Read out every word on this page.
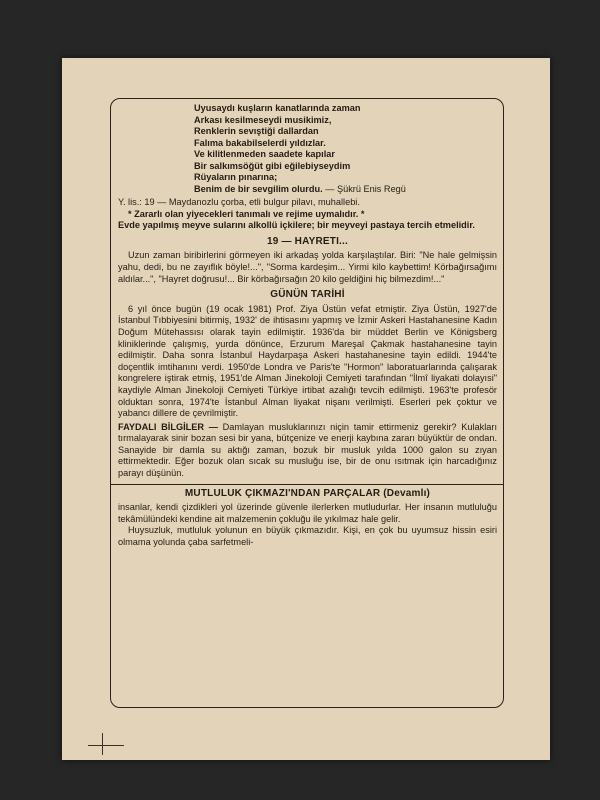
Uyusaydı kuşların kanatlarında zaman
Arkası kesilmeseydi musikimiz,
Renklerin sevıştiği dallardan
Falıma bakabilselerdi yıldızlar.
Ve kilitlenmeden saadete kapılar
Bir salkımsöğüt gibi eğilebiyseydim
Rüyaların pınarına;
Benim de bir sevgilim olurdu. — Şükrü Enis Regü

Y. lis.: 19 — Maydanozlu çorba, etli bulgur pilavı, muhallebi.

* Zararlı olan yiyecekleri tanımalı ve rejime uymalıdır. *

Evde yapılmış meyve sularını alkollü içkilere; bir meyveyi pastaya tercih etmelidir.

19 — HAYRETI...

Uzun zaman biribirlerini görmeyen iki arkadaş yolda karşılaştılar. Biri: "Ne hale gelmişsin yahu, dedi, bu ne zayıflık böyle!...", "Sorma kardeşim... Yirmi kilo kaybettim! Körbağırsağımı aldılar...", "Hayret doğrusu!... Bir körbağırsağın 20 kilo geldiğini hiç bilmezdim!..."

GÜNÜN TARİHİ

6 yıl önce bugün (19 ocak 1981) Prof. Ziya Üstün vefat etmiştir. Ziya Üstün, 1927'de İstanbul Tıbbiyesini bitirmiş, 1932' de ihtisasını yapmış ve İzmir Askeri Hastahanesine Kadın Doğum Mütehassısı olarak tayin edilmiştir. 1936'da bir müddet Berlin ve Königsberg kliniklerinde çalışmış, yurda dönünce, Erzurum Mareşal Çakmak hastahanesine tayin edilmiştir. Daha sonra İstanbul Haydarpaşa Askeri hastahanesine tayin edildi. 1944'te doçentlik imtihanını verdi. 1950'de Londra ve Paris'te "Hormon" laboratuarlarında çalışarak kongrelere iştirak etmiş, 1951'de Alman Jinekoloji Cemiyeti tarafından "İlmî liyakati dolayısi" kaydiyle Alman Jinekoloji Cemiyeti Türkiye irtibat azalığı tevcih edilmişti. 1963'te profesör olduktan sonra, 1974'te İstanbul Alman liyakat nişanı verilmişti. Eserleri pek çoktur ve yabancı dillere de çevrilmiştir.

FAYDALI BİLGİLER — Damlayan musluklarınızı niçin tamir ettirmeniz gerekir? Kulakları tırmalayarak sinir bozan sesi bir yana, bütçenize ve enerji kaybına zararı büyüktür de ondan. Sanayide bir damla su aktığı zaman, bozuk bir musluk yılda 1000 galon su zıyan ettirmektedir. Eğer bozuk olan sıcak su musluğu ise, bir de onu ısıtmak için harcadığınız parayı düşünün.

MUTLULUK ÇIKMAZI'NDAN PARÇALAR (Devamlı)

insanlar, kendi çizdikleri yol üzerinde güvenle ilerlerken mutludurlar. Her insanın mutluluğu tekâmülündeki kendine ait malzemenin çokluğu ile yıkılmaz hale gelir.

Huysuzluk, mutluluk yolunun en büyük çıkmazıdır. Kişi, en çok bu uyumsuz hissin esiri olmama yolunda çaba sarfetmeli-
